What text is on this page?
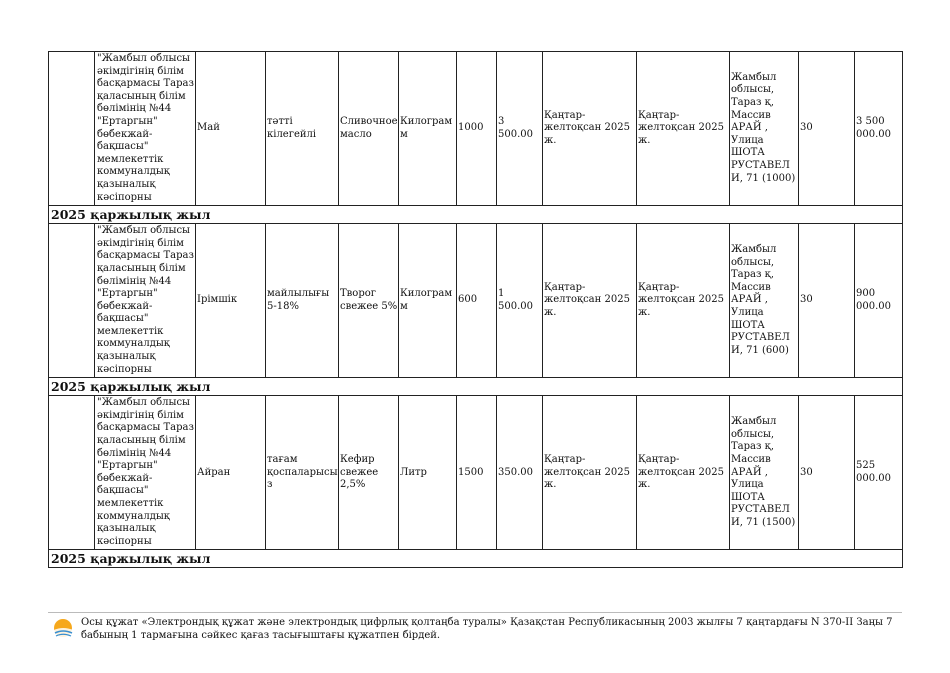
	"Жамбыл облысы әкімдігінің білім басқармасы Тараз қаласының білім бөлімінің №44 "Ертаргын" бөбекжай-бақшасы" мемлекеттік коммуналдық қазыналық кәсіпорны	Май	тәтті кілегейлі	Сливочное масло	Килограмм	1000	3 500.00	Қаңтар-желтоқсан 2025 ж.	Қаңтар-желтоқсан 2025 ж.	Жамбыл облысы, Тараз қ, Массив АРАЙ , Улица ШОТА РУСТАВЕЛИ, 71 (1000)	30	3 500 000.00
2025 қаржылық жыл												
	"Жамбыл облысы әкімдігінің білім басқармасы Тараз қаласының білім бөлімінің №44 "Ертаргын" бөбекжай-бақшасы" мемлекеттік коммуналдық қазыналық кәсіпорны	Ірімшік	майлылығы 5-18%	Творог свежее 5%	Килограмм	600	1 500.00	Қаңтар-желтоқсан 2025 ж.	Қаңтар-желтоқсан 2025 ж.	Жамбыл облысы, Тараз қ, Массив АРАЙ , Улица ШОТА РУСТАВЕЛИ, 71 (600)	30	900 000.00
2025 қаржылық жыл												
	"Жамбыл облысы әкімдігінің білім басқармасы Тараз қаласының білім бөлімінің №44 "Ертаргын" бөбекжай-бақшасы" мемлекеттік коммуналдық қазыналық кәсіпорны	Айран	тағам қоспаларысыз	Кефир свежее 2,5%	Литр	1500	350.00	Қаңтар-желтоқсан 2025 ж.	Қаңтар-желтоқсан 2025 ж.	Жамбыл облысы, Тараз қ, Массив АРАЙ , Улица ШОТА РУСТАВЕЛИ, 71 (1500)	30	525 000.00
2025 қаржылық жыл												
Осы құжат «Электрондық құжат және электрондық цифрлық қолтаңба туралы» Қазақстан Республикасының 2003 жылғы 7 қаңтардағы N 370-II Заңы 7 бабының 1 тармағына сәйкес қағаз тасығыштағы құжатпен бірдей.
